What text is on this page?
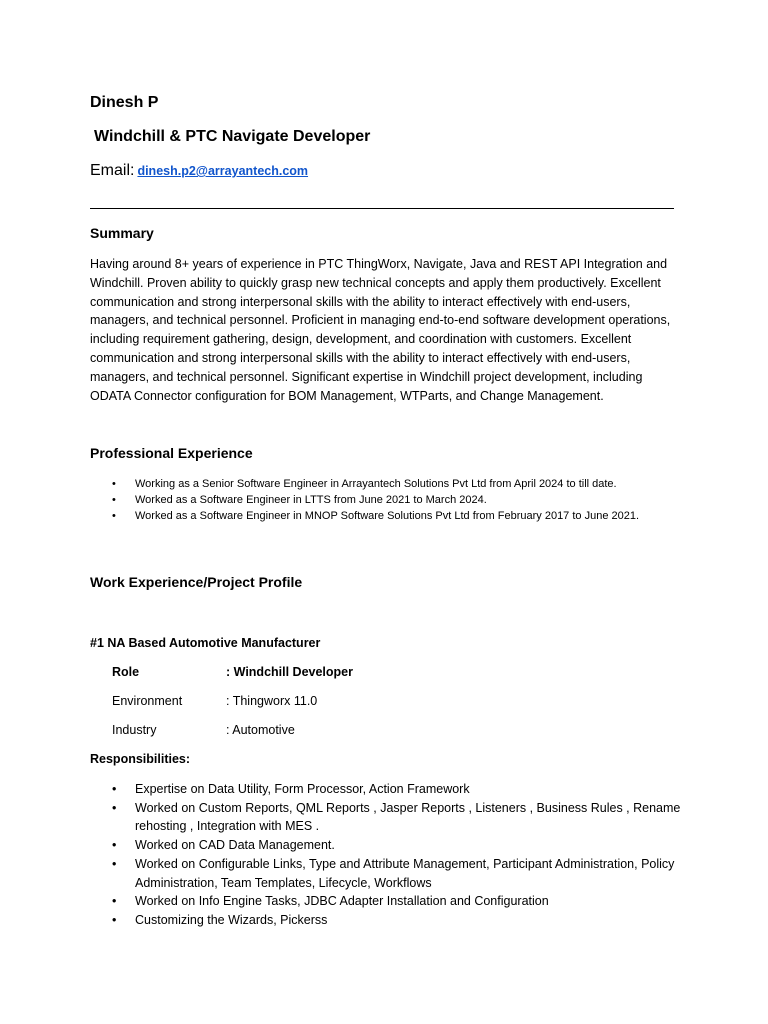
Dinesh P
Windchill & PTC Navigate Developer
Email: dinesh.p2@arrayantech.com
Summary
Having around 8+ years of experience in PTC ThingWorx, Navigate, Java and REST API Integration and Windchill. Proven ability to quickly grasp new technical concepts and apply them productively. Excellent communication and strong interpersonal skills with the ability to interact effectively with end-users, managers, and technical personnel. Proficient in managing end-to-end software development operations, including requirement gathering, design, development, and coordination with customers. Excellent communication and strong interpersonal skills with the ability to interact effectively with end-users, managers, and technical personnel. Significant expertise in Windchill project development, including ODATA Connector configuration for BOM Management, WTParts, and Change Management.
Professional Experience
• Working as a Senior Software Engineer in Arrayantech Solutions Pvt Ltd from April 2024 to till date.
• Worked as a Software Engineer in LTTS from June 2021 to March 2024.
• Worked as a Software Engineer in MNOP Software Solutions Pvt Ltd from February 2017 to June 2021.
Work Experience/Project Profile
#1 NA Based Automotive Manufacturer
Role	: Windchill Developer
Environment	: Thingworx 11.0
Industry	: Automotive
Responsibilities:
• Expertise on Data Utility, Form Processor, Action Framework
• Worked on Custom Reports, QML Reports , Jasper Reports , Listeners , Business Rules , Rename rehosting , Integration with MES .
• Worked on CAD Data Management.
• Worked on Configurable Links, Type and Attribute Management, Participant Administration, Policy Administration, Team Templates, Lifecycle, Workflows
• Worked on Info Engine Tasks, JDBC Adapter Installation and Configuration
• Customizing the Wizards, Pickerss
